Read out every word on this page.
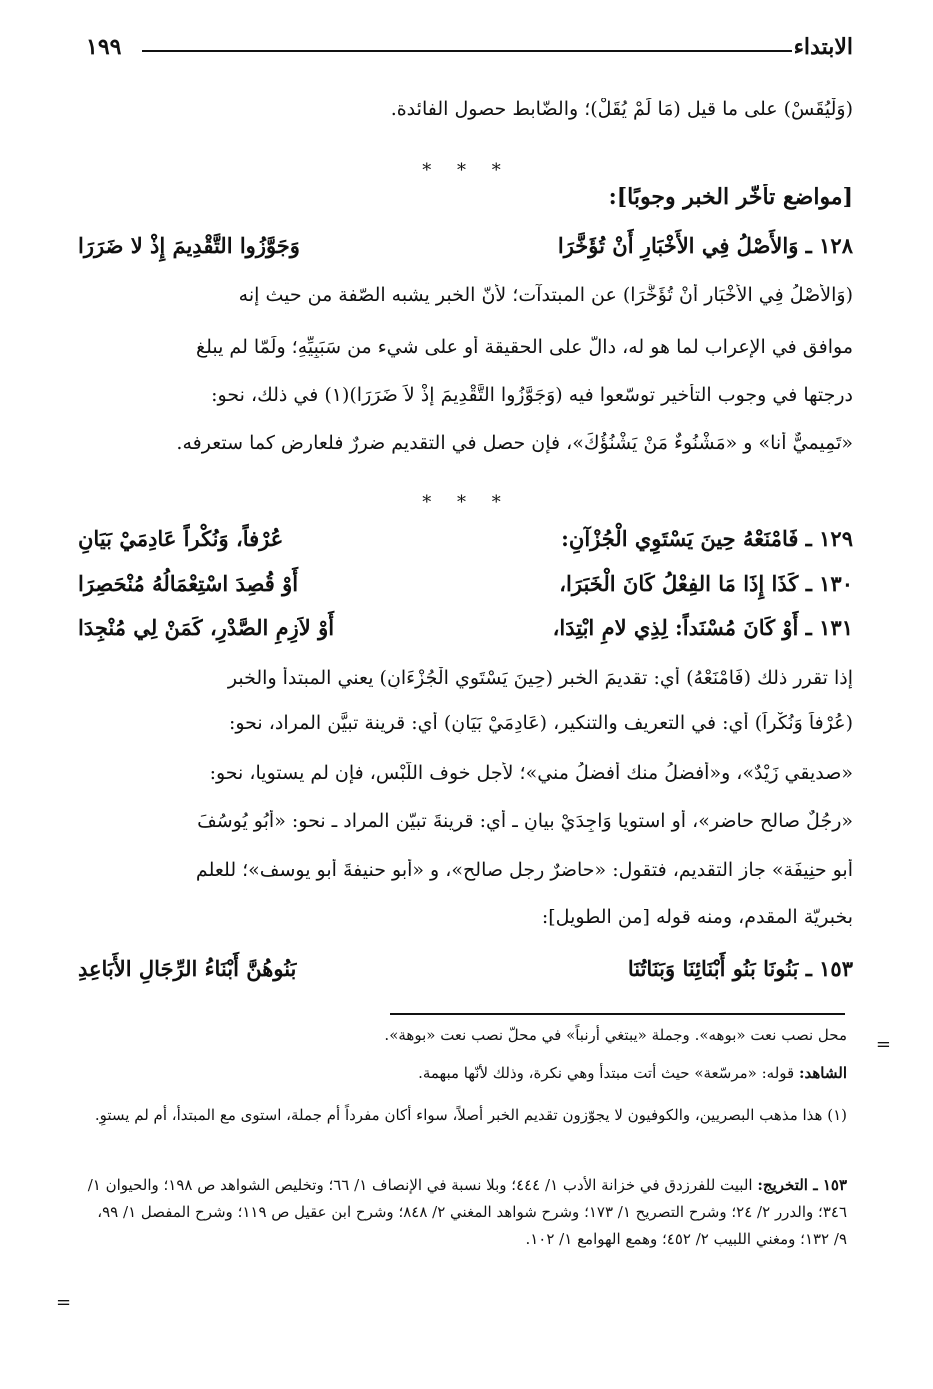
الابتداء
١٩٩
(وَلْيُقَسْ) على ما قيل (مَا لَمْ يُقَلْ)؛ والضّابط حصول الفائدة.
* * *
[مواضع تأخّر الخبر وجوبًا]:
١٢٨ ـ وَالأَصْلُ فِي الأَخْبَارِ أَنْ تُؤَخَّرَا
وَجَوَّزُوا التَّقْدِيمَ إِذْ لا ضَرَرَا
(وَالأَصْلُ فِي الأَخْبَارِ أَنْ تُؤَخَّرَا) عن المبتدآت؛ لأنّ الخبر يشبه الصّفة من حيث إنه
موافق في الإعراب لما هو له، دالٌّ على الحقيقة أو على شيء من سَبَبِيِّهِ؛ ولَمّا لم يبلغ
درجتها في وجوب التأخير توسّعوا فيه (وَجَوَّزُوا التَّقْدِيمَ إِذْ لاَ ضَرَرَا)(١) في ذلك، نحو:
«تَمِيميٌّ أَنا» و «مَشْنُوءٌ مَنْ يَشْنُؤُكَ»، فإن حصل في التقديم ضررٌ فلعارضٍ كما ستعرفه.
* * *
١٢٩ ـ فَامْنَعْهُ حِينَ يَسْتَوِي الْجُزْآنِ:
عُرْفاً، وَنُكْراً عَادِمَيْ بَيَانِ
١٣٠ ـ كَذَا إِذَا مَا الفِعْلُ كَانَ الْخَبَرَا،
أَوْ قُصِدَ اسْتِعْمَالُهُ مُنْحَصِرَا
١٣١ ـ أَوْ كَانَ مُسْنَداً: لِذِي لامِ ابْتِدَا،
أَوْ لاَزِمِ الصَّدْرِ، كَمَنْ لِي مُنْجِدَا
إذا تقرر ذلك (فَامْنَعْهُ) أي: تقديمَ الخبر (حِينَ يَسْتَوِي الْجُزْءَانِ) يعني المبتدأ والخبر
(عُرْفاً وَنُكْراً) أي: في التعريف والتنكير، (عَادِمَيْ بَيَانِ) أي: قرينة تبيَّن المراد، نحو:
«صديقي زَيْدٌ»، و«أفضلُ منك أفضلُ مني»؛ لأجل خوف اللَّبْس، فإن لم يستويا، نحو:
«رجُلٌ صالح حاضر»، أو استويا وَاجِدَيْ بيانٍ ـ أي: قرينةَ تبيّن المراد ـ نحو: «أبُو يُوسُفَ
أبو حنِيفَة» جاز التقديم، فتقول: «حاضرٌ رجل صالح»، و «أبو حنيفةَ أبو يوسف»؛ للعلم
بخبريّة المقدم، ومنه قوله [من الطويل]:
١٥٣ ـ بَنُونَا بَنُو أَبْنَائِنَا وَبَنَاتُنَا
بَنُوهُنَّ أَبْنَاءُ الرِّجَالِ الأَبَاعِدِ
=
محل نصب نعت «بوهه». وجملة «يبتغي أرنباً» في محلّ نصب نعت «بوهة».
الشاهد: قوله: «مرسّعة» حيث أتت مبتدأ وهي نكرة، وذلك لأنّها مبهمة.
(١) هذا مذهب البصريين، والكوفيون لا يجوّزون تقديم الخبر أصلاً، سواء أكان مفرداً أم جملة، استوى مع المبتدأ، أم لم يستوِ.
١٥٣ ـ التخريج: البيت للفرزدق في خزانة الأدب ١/ ٤٤٤؛ وبلا نسبة في الإنصاف ١/ ٦٦؛ وتخليص الشواهد ص ١٩٨؛ والحيوان ١/ ٣٤٦؛ والدرر ٢/ ٢٤؛ وشرح التصريح ١/ ١٧٣؛ وشرح شواهد المغني ٢/ ٨٤٨؛ وشرح ابن عقيل ص ١١٩؛ وشرح المفصل ١/ ٩٩، ٩/ ١٣٢؛ ومغني اللبيب ٢/ ٤٥٢؛ وهمع الهوامع ١/ ١٠٢.
=
